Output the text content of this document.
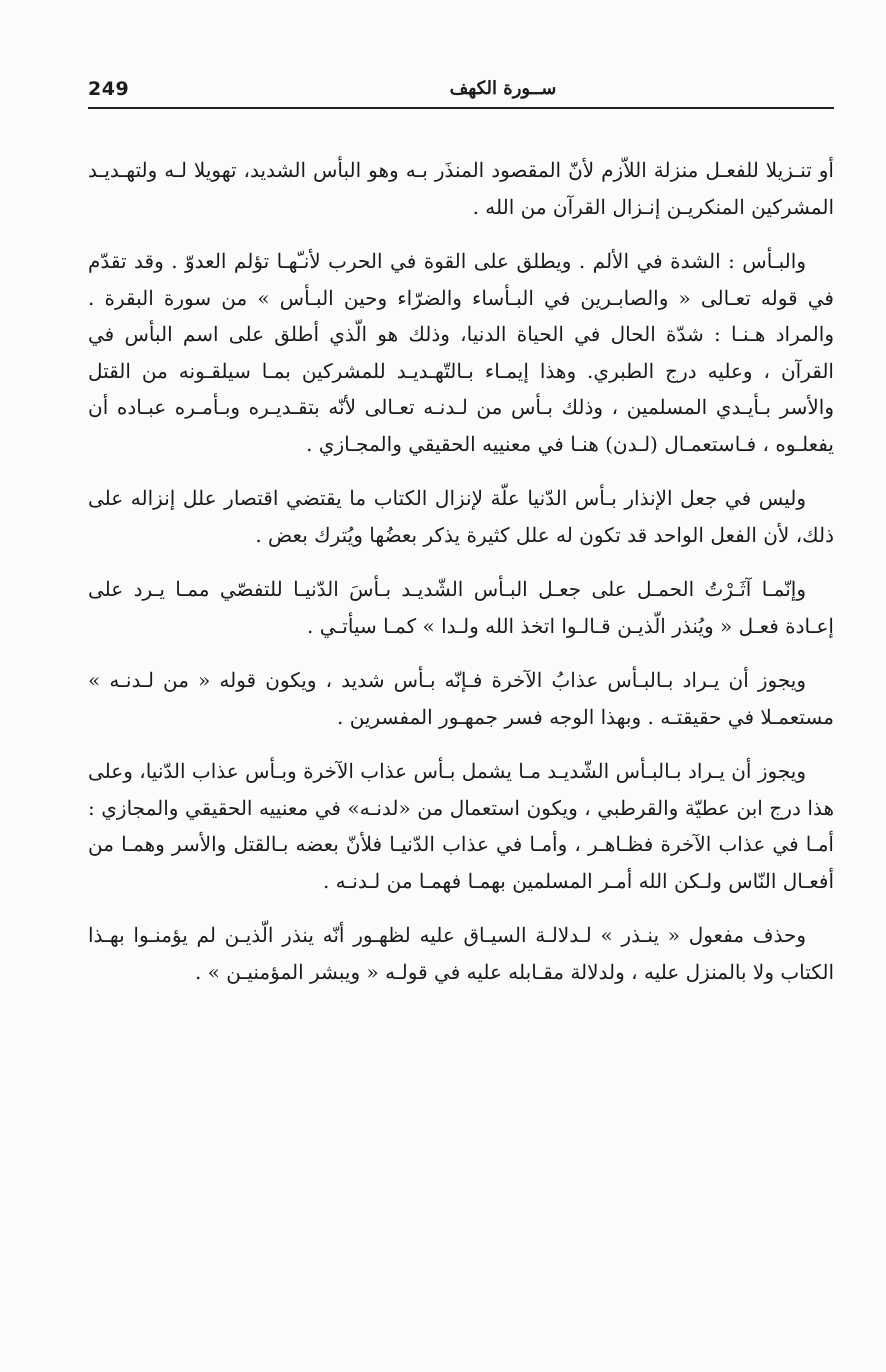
249	ســورة الكهف

أو تنـزيلا للفعـل منزلة اللاّزم لأنّ المقصود المنذَر بـه وهو البأس الشديد، تهويلا لـه ولتهـديـد المشركين المنكريـن إنـزال القرآن من الله .

والبـأس : الشدة في الألم . ويطلق على القوة في الحرب لأنـّهـا تؤلم العدوّ . وقد تقدّم في قوله تعـالى « والصابـرين في البـأساء والضرّاء وحين البـأس » من سورة البقرة . والمراد هـنـا : شدّة الحال في الحياة الدنيا، وذلك هو الّذي أطلق على اسم البأس في القرآن ، وعليه درج الطبري. وهذا إيمـاء بـالتّهـديـد للمشركين بمـا سيلقـونه من القتل والأسر بـأيـدي المسلمين ، وذلك بـأس من لـدنـه تعـالى لأنّه بتقـديـره وبـأمـره عبـاده أن يفعلـوه ، فـاستعمـال (لـدن) هنـا في معنييه الحقيقي والمجـازي .

وليس في جعل الإنذار بـأس الدّنيا علّة لإنزال الكتاب ما يقتضي اقتصار علل إنزاله على ذلك، لأن الفعل الواحد قد تكون له علل كثيرة يذكر بعضُها ويُترك بعض .

وإنّمـا آثَـرْتُ الحمـل على جعـل البـأس الشّديـد بـأسَ الدّنيـا للتفصّي ممـا يـرد على إعـادة فعـل « ويُنذر الّذيـن قـالـوا اتخذ الله ولـدا » كمـا سيأتـي .

ويجوز أن يـراد بـالبـأس عذابُ الآخرة فـإنّه بـأس شديد ، ويكون قوله « من لـدنـه » مستعمـلا في حقيقتـه . وبهذا الوجه فسر جمهـور المفسرين .

ويجوز أن يـراد بـالبـأس الشّديـد مـا يشمل بـأس عذاب الآخرة وبـأس عذاب الدّنيا، وعلى هذا درج ابن عطيّة والقرطبي ، ويكون استعمال من «لدنـه» في معنييه الحقيقي والمجازي : أمـا في عذاب الآخرة فظـاهـر ، وأمـا في عذاب الدّنيـا فلأنّ بعضه بـالقتل والأسر وهمـا من أفعـال النّاس ولـكن الله أمـر المسلمين بهمـا فهمـا من لـدنـه .

وحذف مفعول « ينـذر » لـدلالـة السيـاق عليه لظهـور أنّه ينذر الّذيـن لم يؤمنـوا بهـذا الكتاب ولا بالمنزل عليه ، ولدلالة مقـابله عليه في قولـه « ويبشر المؤمنيـن » .
